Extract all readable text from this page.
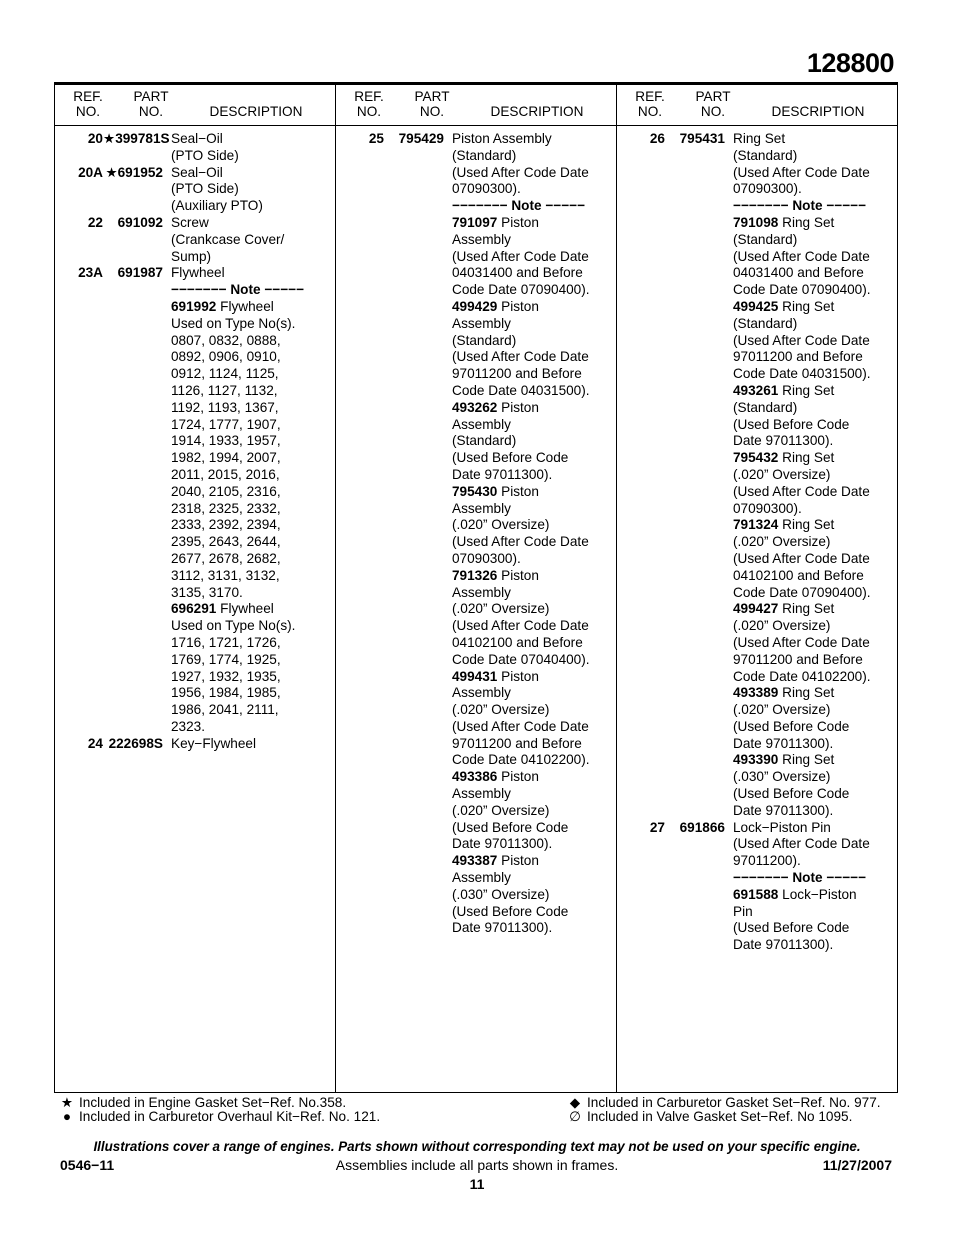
128800
REF.
NO.
PART
NO.	DESCRIPTION
REF.
NO.
PART
NO.	DESCRIPTION
REF.
NO.
PART
NO.	DESCRIPTION
20 ★399781S Seal−Oil
(PTO Side)
20A ★691952 Seal−Oil
(PTO Side)
(Auxiliary PTO)
22	691092 Screw
(Crankcase Cover/
Sump)
23A	691987 Flywheel
−−−−−−− Note −−−−−
691992 Flywheel
Used on Type No(s).
0807, 0832, 0888,
0892, 0906, 0910,
0912, 1124, 1125,
1126, 1127, 1132,
1192, 1193, 1367,
1724, 1777, 1907,
1914, 1933, 1957,
1982, 1994, 2007,
2011, 2015, 2016,
2040, 2105, 2316,
2318, 2325, 2332,
2333, 2392, 2394,
2395, 2643, 2644,
2677, 2678, 2682,
3112, 3131, 3132,
3135, 3170.
696291 Flywheel
Used on Type No(s).
1716, 1721, 1726,
1769, 1774, 1925,
1927, 1932, 1935,
1956, 1984, 1985,
1986, 2041, 2111,
2323.
24 222698S Key−Flywheel
25	795429 Piston Assembly
(Standard)
(Used After Code Date
07090300).
−−−−−−− Note −−−−−
791097 Piston
Assembly
(Used After Code Date
04031400 and Before
Code Date 07090400).
499429 Piston
Assembly
(Standard)
(Used After Code Date
97011200 and Before
Code Date 04031500).
493262 Piston
Assembly
(Standard)
(Used Before Code
Date 97011300).
795430 Piston
Assembly
(.020” Oversize)
(Used After Code Date
07090300).
791326 Piston
Assembly
(.020” Oversize)
(Used After Code Date
04102100 and Before
Code Date 07040400).
499431 Piston
Assembly
(.020” Oversize)
(Used After Code Date
97011200 and Before
Code Date 04102200).
493386 Piston
Assembly
(.020” Oversize)
(Used Before Code
Date 97011300).
493387 Piston
Assembly
(.030” Oversize)
(Used Before Code
Date 97011300).
26	795431 Ring Set
(Standard)
(Used After Code Date
07090300).
−−−−−−− Note −−−−−
791098 Ring Set
(Standard)
(Used After Code Date
04031400 and Before
Code Date 07090400).
499425 Ring Set
(Standard)
(Used After Code Date
97011200 and Before
Code Date 04031500).
493261 Ring Set
(Standard)
(Used Before Code
Date 97011300).
795432 Ring Set
(.020” Oversize)
(Used After Code Date
07090300).
791324 Ring Set
(.020” Oversize)
(Used After Code Date
04102100 and Before
Code Date 07090400).
499427 Ring Set
(.020” Oversize)
(Used After Code Date
97011200 and Before
Code Date 04102200).
493389 Ring Set
(.020” Oversize)
(Used Before Code
Date 97011300).
493390 Ring Set
(.030” Oversize)
(Used Before Code
Date 97011300).
27	691866 Lock−Piston Pin
(Used After Code Date
97011200).
−−−−−−− Note −−−−−
691588 Lock−Piston
Pin
(Used Before Code
Date 97011300).
★ Included in Engine Gasket Set−Ref. No.358.
● Included in Carburetor Overhaul Kit−Ref. No. 121.
◆ Included in Carburetor Gasket Set−Ref. No. 977.
∅ Included in Valve Gasket Set−Ref. No 1095.
Illustrations cover a range of engines. Parts shown without corresponding text may not be used on your specific engine.
0546−11	Assemblies include all parts shown in frames.	11/27/2007
11
